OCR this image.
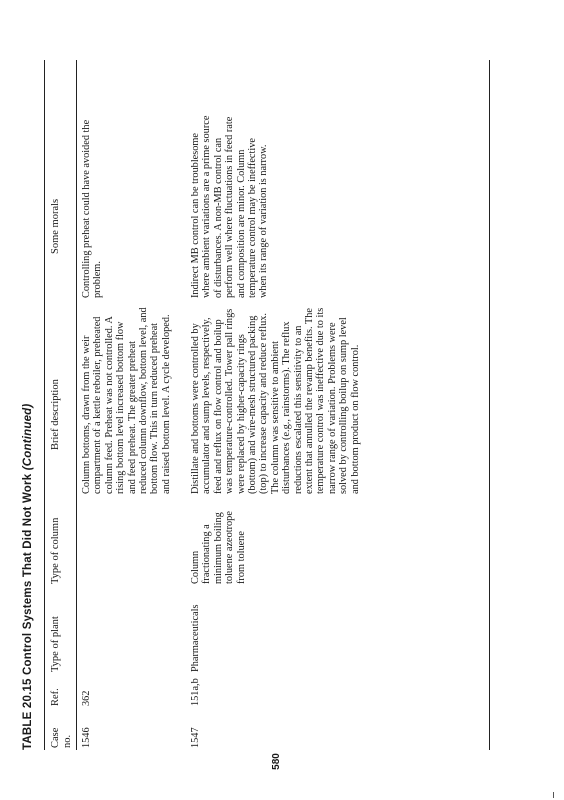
TABLE 20.15 Control Systems That Did Not Work (Continued)
Case no.
Ref.
Type of plant
Type of column
Brief description
Some morals
1546
362
Column bottoms, drawn from the weir compartment of a kettle reboiler, preheated column feed. Preheat was not controlled. A rising bottom level increased bottom flow and feed preheat. The greater preheat reduced column downflow, bottom level, and bottom flow. This in turn reduced preheat and raised bottom level. A cycle developed.
Controlling preheat could have avoided the problem.
1547
151a,b
Pharmaceuticals
Column fractionating a minimum boiling toluene azeotrope from toluene
Distillate and bottoms were controlled by accumulator and sump levels, respectively, feed and reflux on flow control and boilup was temperature-controlled. Tower pall rings were replaced by higher-capacity rings (bottom) and wire-mesh structured packing (top) to increase capacity and reduce reflux. The column was sensitive to ambient disturbances (e.g., rainstorms). The reflux reductions escalated this sensitivity to an extent that annulled the revamp benefits. The temperature control was ineffective due to its narrow range of variation. Problems were solved by controlling boilup on sump level and bottom product on flow control.
Indirect MB control can be troublesome where ambient variations are a prime source of disturbances. A non-MB control can perform well where fluctuations in feed rate and composition are minor. Column temperature control may be ineffective when its range of variation is narrow.
580
